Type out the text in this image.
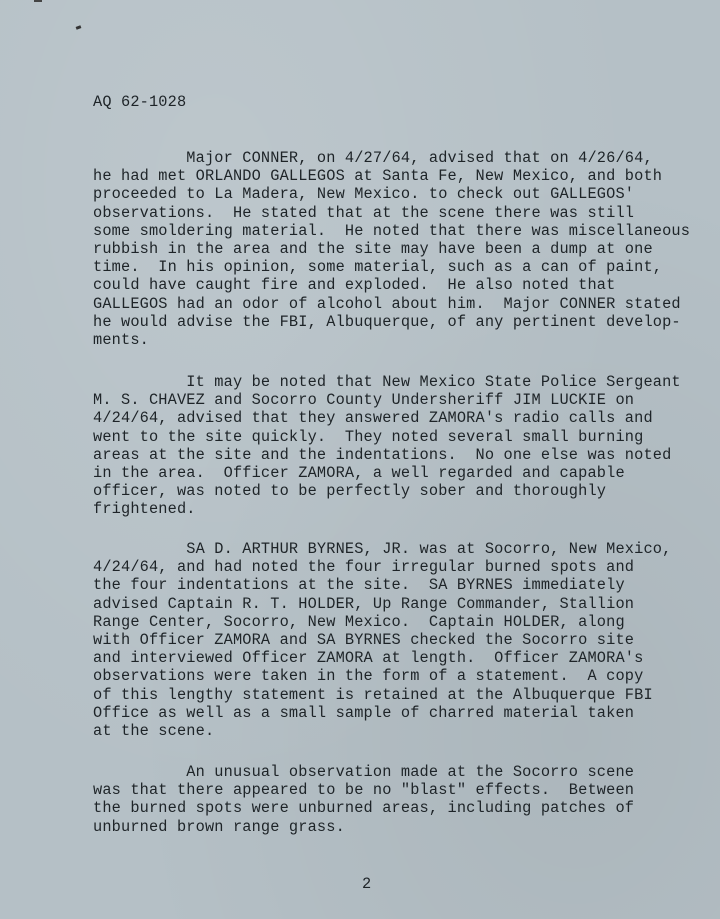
AQ 62-1028
Major CONNER, on 4/27/64, advised that on 4/26/64,
he had met ORLANDO GALLEGOS at Santa Fe, New Mexico, and both
proceeded to La Madera, New Mexico. to check out GALLEGOS'
observations.  He stated that at the scene there was still
some smoldering material.  He noted that there was miscellaneous
rubbish in the area and the site may have been a dump at one
time.  In his opinion, some material, such as a can of paint,
could have caught fire and exploded.  He also noted that
GALLEGOS had an odor of alcohol about him.  Major CONNER stated
he would advise the FBI, Albuquerque, of any pertinent develop-
ments.
It may be noted that New Mexico State Police Sergeant
M. S. CHAVEZ and Socorro County Undersheriff JIM LUCKIE on
4/24/64, advised that they answered ZAMORA's radio calls and
went to the site quickly.  They noted several small burning
areas at the site and the indentations.  No one else was noted
in the area.  Officer ZAMORA, a well regarded and capable
officer, was noted to be perfectly sober and thoroughly
frightened.
SA D. ARTHUR BYRNES, JR. was at Socorro, New Mexico,
4/24/64, and had noted the four irregular burned spots and
the four indentations at the site.  SA BYRNES immediately
advised Captain R. T. HOLDER, Up Range Commander, Stallion
Range Center, Socorro, New Mexico.  Captain HOLDER, along
with Officer ZAMORA and SA BYRNES checked the Socorro site
and interviewed Officer ZAMORA at length.  Officer ZAMORA's
observations were taken in the form of a statement.  A copy
of this lengthy statement is retained at the Albuquerque FBI
Office as well as a small sample of charred material taken
at the scene.
An unusual observation made at the Socorro scene
was that there appeared to be no "blast" effects.  Between
the burned spots were unburned areas, including patches of
unburned brown range grass.
2
